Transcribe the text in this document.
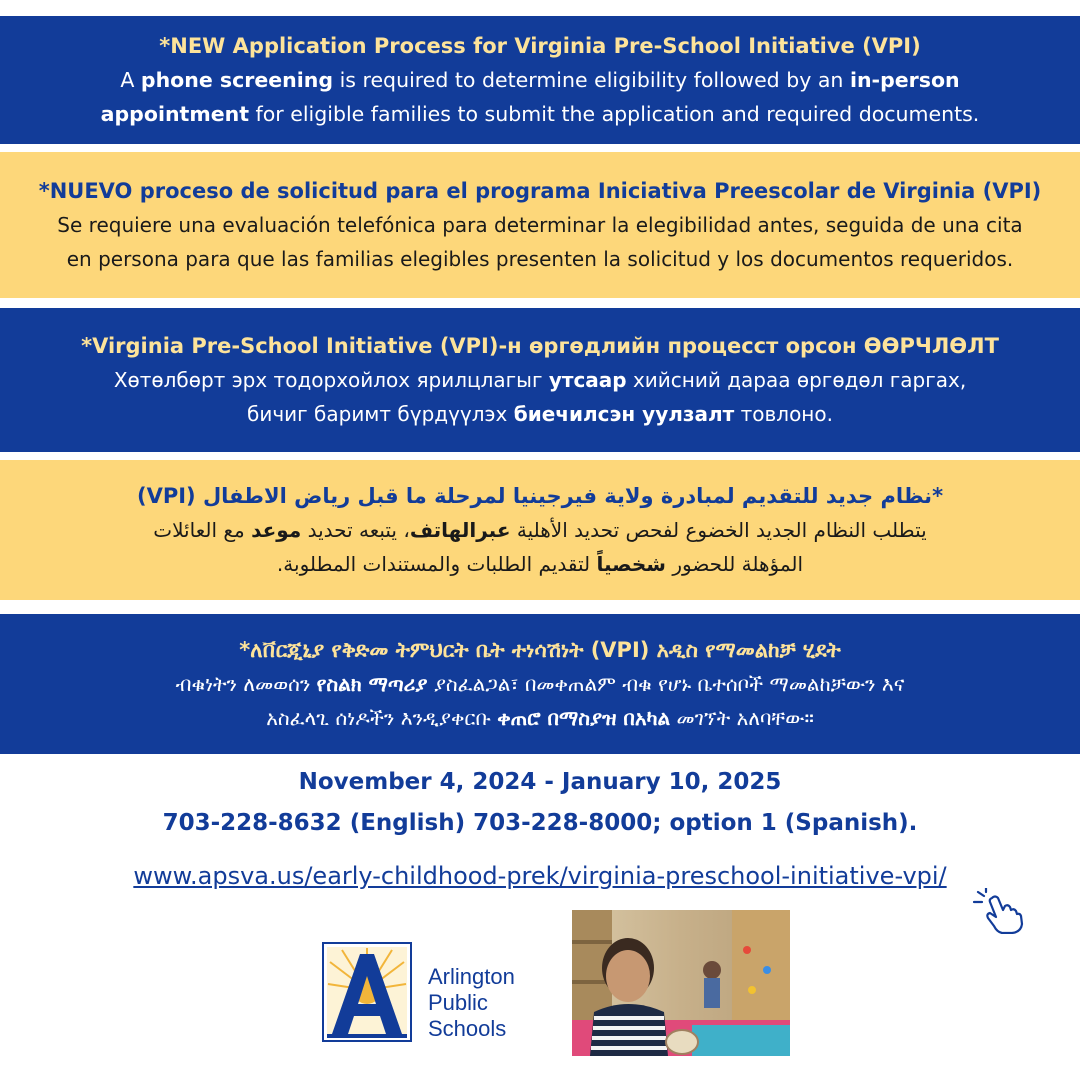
*NEW Application Process for Virginia Pre-School Initiative (VPI)
A phone screening is required to determine eligibility followed by an in-person
appointment for eligible families to submit the application and required documents.
*NUEVO proceso de solicitud para el programa Iniciativa Preescolar de Virginia (VPI)
Se requiere una evaluación telefónica para determinar la elegibilidad antes, seguida de una cita
en persona para que las familias elegibles presenten la solicitud y los documentos requeridos.
*Virginia Pre-School Initiative (VPI)-н өргөдлийн процесст орсон ӨӨРЧЛӨЛТ
Хөтөлбөрт эрх тодорхойлох ярилцлагыг утсаар хийсний дараа өргөдөл гаргах,
бичиг баримт бүрдүүлэх биечилсэн уулзалт товлоно.
*نظام جديد للتقديم لمبادرة ولاية فيرجينيا لمرحلة ما قبل رياض الاطفال (VPI)
يتطلب النظام الجديد الخضوع لفحص تحديد الأهلية عبرالهاتف، يتبعه تحديد موعد مع العائلات
المؤهلة للحضور شخصياً لتقديم الطلبات والمستندات المطلوبة.
*ለቨርጂኒያ የቅድመ ትምህርት ቤት ተነሳሽነት (VPI) አዲስ የማመልከቻ ሂደት
ብቁነትን ለመወሰን የስልክ ማጣሪያ ያስፈልጋል፣ በመቀጠልም ብቁ የሆኑ ቤተሰቦች ማመልከቻውን እና
አስፈላጊ ሰነዶችን እንዲያቀርቡ ቀጠሮ በማስያዝ በአካል መገኘት አለባቸው።
November 4, 2024 - January 10, 2025
703-228-8632 (English) 703-228-8000; option 1 (Spanish).
www.apsva.us/early-childhood-prek/virginia-preschool-initiative-vpi/
Arlington
Public
Schools
